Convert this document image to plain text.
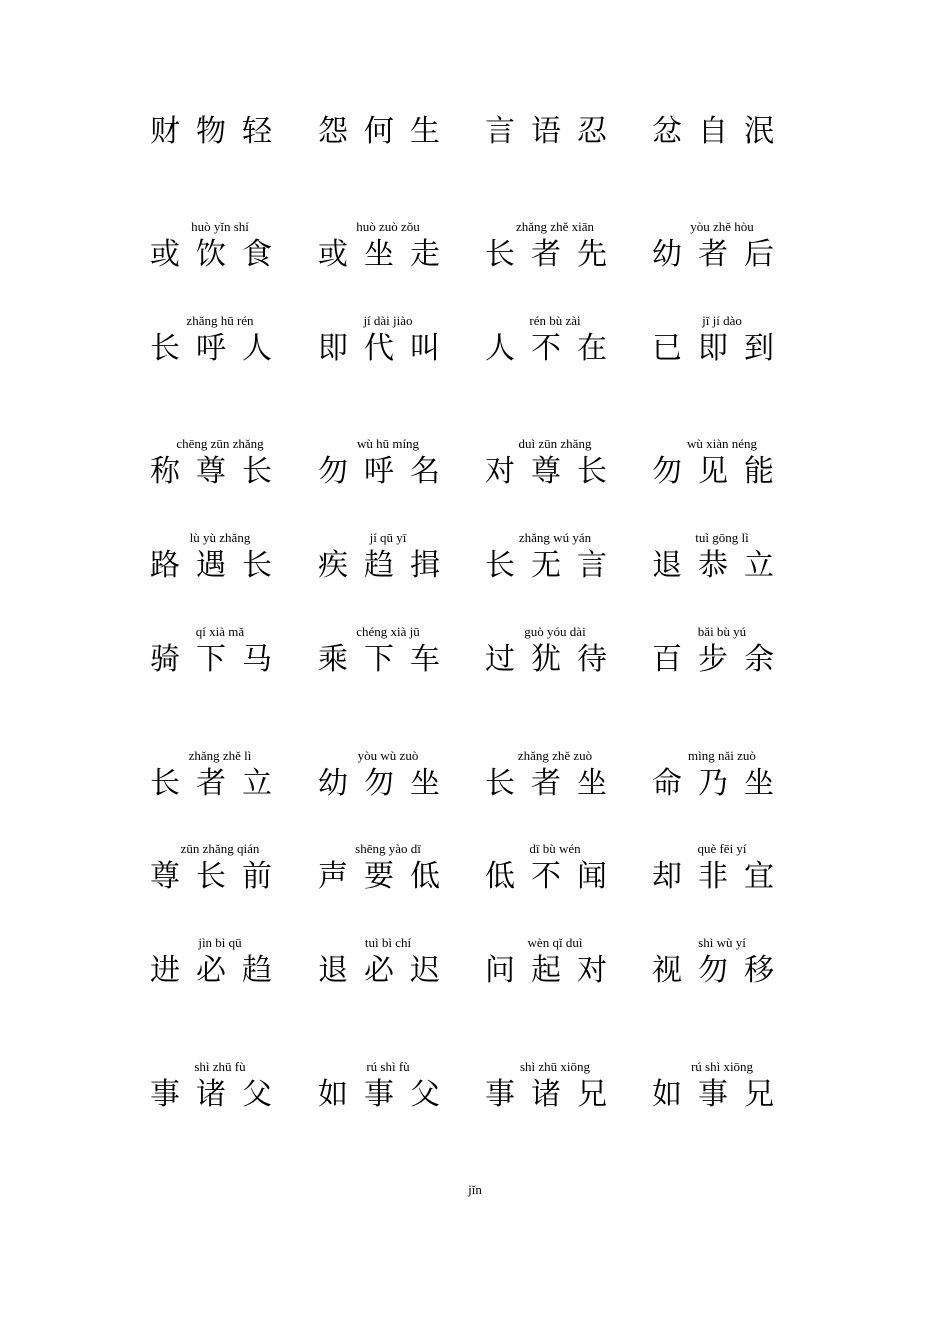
财物轻 怨何生 言语忍 忿自泯
huò yǐn shí
或饮食
huò zuò zǒu
或坐走
zhǎng zhě xiān
长者先
yòu zhě hòu
幼者后
zhǎng hū rén
长呼人
jí dài jiào
即代叫
rén bù zài
人不在
jǐ jí dào
已即到
chēng zūn zhǎng
称尊长
wù hū míng
勿呼名
duì zūn zhǎng
对尊长
wù xiàn néng
勿见能
lù yù zhǎng
路遇长
jí qū yī
疾趋揖
zhǎng wú yán
长无言
tuì gōng lì
退恭立
qí xià mǎ
骑下马
chéng xià jū
乘下车
guò yóu dài
过犹待
bǎi bù yú
百步余
zhǎng zhě lì
长者立
yòu wù zuò
幼勿坐
zhǎng zhě zuò
长者坐
mìng nǎi zuò
命乃坐
zūn zhǎng qián
尊长前
shēng yào dī
声要低
dī bù wén
低不闻
què fēi yí
却非宜
jìn bì qū
进必趋
tuì bì chí
退必迟
wèn qǐ duì
问起对
shì wù yí
视勿移
shì zhū fù
事诸父
rú shì fù
如事父
shì zhū xiōng
事诸兄
rú shì xiōng
如事兄
jǐn
